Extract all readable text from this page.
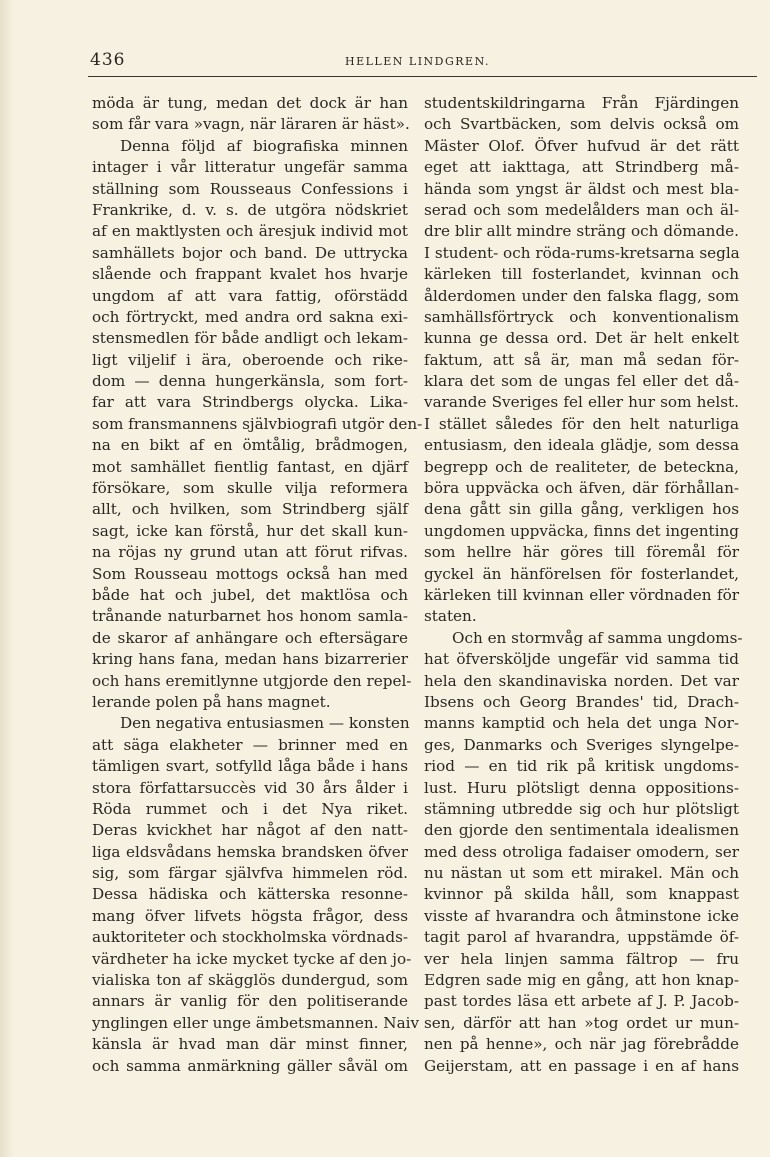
436	HELLEN LINDGREN.
möda är tung, medan det dock är han
som får vara »vagn, när läraren är häst».
Denna följd af biografiska minnen
intager i vår litteratur ungefär samma
ställning som Rousseaus Confessions i
Frankrike, d. v. s. de utgöra nödskriet
af en maktlysten och äresjuk individ mot
samhällets bojor och band. De uttrycka
slående och frappant kvalet hos hvarje
ungdom af att vara fattig, oförstädd
och förtryckt, med andra ord sakna exi-
stensmedlen för både andligt och lekam-
ligt viljelif i ära, oberoende och rike-
dom — denna hungerkänsla, som fort-
far att vara Strindbergs olycka. Lika-
som fransmannens självbiografi utgör den-
na en bikt af en ömtålig, brådmogen,
mot samhället fientlig fantast, en djärf
försökare, som skulle vilja reformera
allt, och hvilken, som Strindberg själf
sagt, icke kan förstå, hur det skall kun-
na röjas ny grund utan att förut rifvas.
Som Rousseau mottogs också han med
både hat och jubel, det maktlösa och
trånande naturbarnet hos honom samla-
de skaror af anhängare och eftersägare
kring hans fana, medan hans bizarrerier
och hans eremitlynne utgjorde den repel-
lerande polen på hans magnet.
Den negativa entusiasmen — konsten
att säga elakheter — brinner med en
tämligen svart, sotfylld låga både i hans
stora författarsuccès vid 30 års ålder i
Röda rummet och i det Nya riket.
Deras kvickhet har något af den natt-
liga eldsvådans hemska brandsken öfver
sig, som färgar självfva himmelen röd.
Dessa hädiska och kätterska resonne-
mang öfver lifvets högsta frågor, dess
auktoriteter och stockholmska vördnads-
värdheter ha icke mycket tycke af den jo-
vialiska ton af skägglös dundergud, som
annars är vanlig för den politiserande
ynglingen eller unge ämbetsmannen. Naiv
känsla är hvad man där minst finner,
och samma anmärkning gäller såväl om
studentskildringarna Från Fjärdingen
och Svartbäcken, som delvis också om
Mäster Olof. Öfver hufvud är det rätt
eget att iakttaga, att Strindberg må-
hända som yngst är äldst och mest bla-
serad och som medelålders man och äl-
dre blir allt mindre sträng och dömande.
I student- och röda-rums-kretsarna segla
kärleken till fosterlandet, kvinnan och
ålderdomen under den falska flagg, som
samhällsförtryck och konventionalism
kunna ge dessa ord. Det är helt enkelt
faktum, att så är, man må sedan för-
klara det som de ungas fel eller det då-
varande Sveriges fel eller hur som helst.
I stället således för den helt naturliga
entusiasm, den ideala glädje, som dessa
begrepp och de realiteter, de beteckna,
böra uppväcka och äfven, där förhållan-
dena gått sin gilla gång, verkligen hos
ungdomen uppväcka, finns det ingenting
som hellre här göres till föremål för
gyckel än hänförelsen för fosterlandet,
kärleken till kvinnan eller vördnaden för
staten.
Och en stormvåg af samma ungdoms-
hat öfversköljde ungefär vid samma tid
hela den skandinaviska norden. Det var
Ibsens och Georg Brandes' tid, Drach-
manns kamptid och hela det unga Nor-
ges, Danmarks och Sveriges slyngelpe-
riod — en tid rik på kritisk ungdoms-
lust. Huru plötsligt denna oppositions-
stämning utbredde sig och hur plötsligt
den gjorde den sentimentala idealismen
med dess otroliga fadaiser omodern, ser
nu nästan ut som ett mirakel. Män och
kvinnor på skilda håll, som knappast
visste af hvarandra och åtminstone icke
tagit parol af hvarandra, uppstämde öf-
ver hela linjen samma fältrop — fru
Edgren sade mig en gång, att hon knap-
past tordes läsa ett arbete af J. P. Jacob-
sen, därför att han »tog ordet ur mun-
nen på henne», och när jag förebrådde
Geijerstam, att en passage i en af hans
